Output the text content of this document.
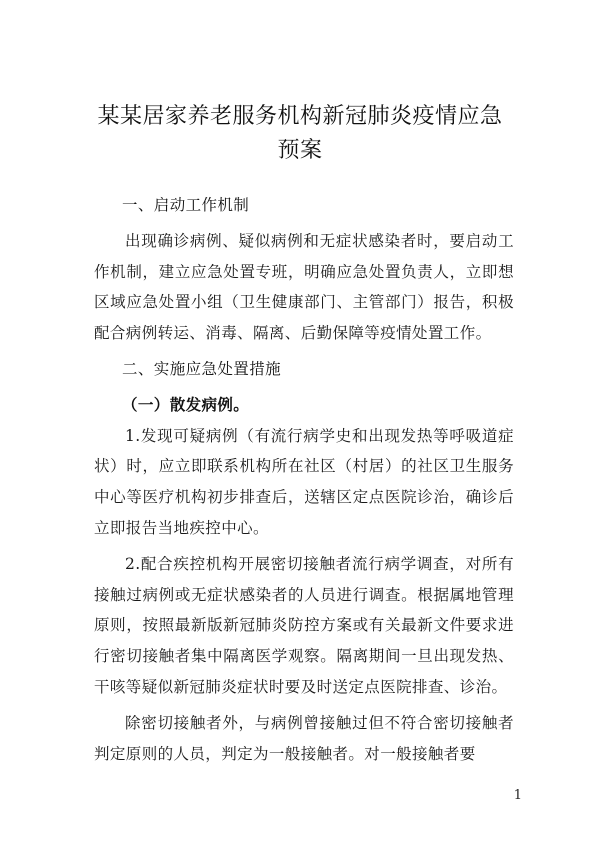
某某居家养老服务机构新冠肺炎疫情应急
预案

一、启动工作机制

出现确诊病例、疑似病例和无症状感染者时，要启动工作机制，建立应急处置专班，明确应急处置负责人，立即想区域应急处置小组（卫生健康部门、主管部门）报告，积极配合病例转运、消毒、隔离、后勤保障等疫情处置工作。

二、实施应急处置措施

（一）散发病例。

1.发现可疑病例（有流行病学史和出现发热等呼吸道症状）时，应立即联系机构所在社区（村居）的社区卫生服务中心等医疗机构初步排查后，送辖区定点医院诊治，确诊后立即报告当地疾控中心。

2.配合疾控机构开展密切接触者流行病学调查，对所有接触过病例或无症状感染者的人员进行调查。根据属地管理原则，按照最新版新冠肺炎防控方案或有关最新文件要求进行密切接触者集中隔离医学观察。隔离期间一旦出现发热、干咳等疑似新冠肺炎症状时要及时送定点医院排查、诊治。

除密切接触者外，与病例曾接触过但不符合密切接触者判定原则的人员，判定为一般接触者。对一般接触者要

1
